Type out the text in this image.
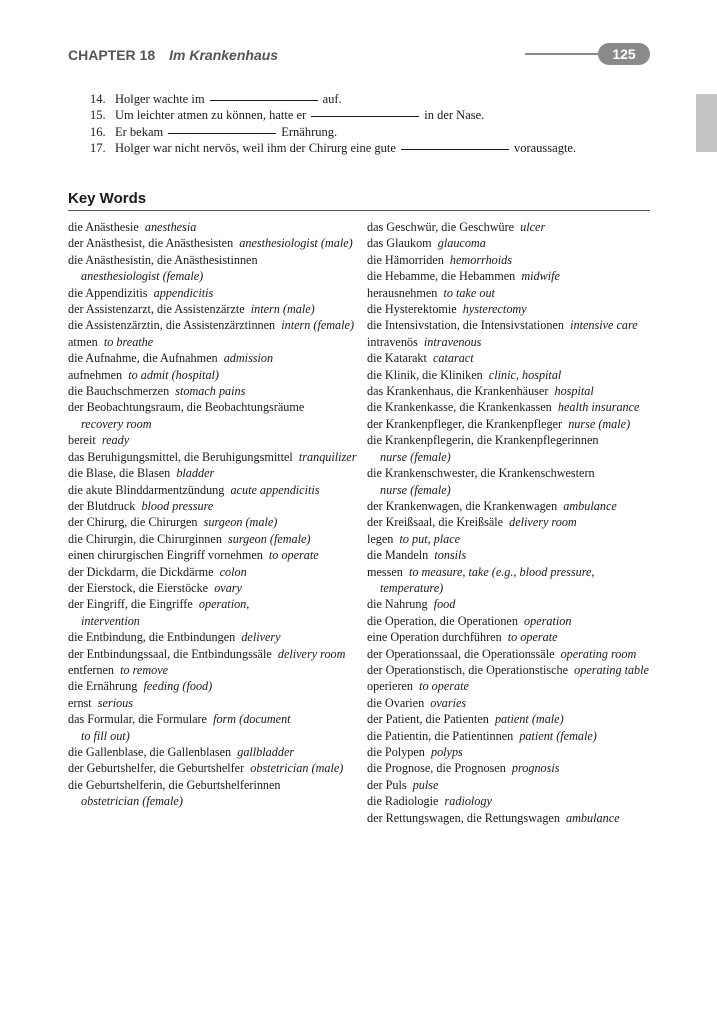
CHAPTER 18 Im Krankenhaus	125
14. Holger wachte im	auf.
15. Um leichter atmen zu können, hatte er	in der Nase.
16. Er bekam	Ernährung.
17. Holger war nicht nervös, weil ihm der Chirurg eine gute	voraussagte.
Key Words
die Anästhesie  anesthesia
der Anästhesist, die Anästhesisten  anesthesiologist (male)
die Anästhesistin, die Anästhesistinnen 
anesthesiologist (female)
die Appendizitis  appendicitis
der Assistenzarzt, die Assistenzärzte  intern (male)
die Assistenzärztin, die Assistenzärztinnen  intern (female)
atmen  to breathe
die Aufnahme, die Aufnahmen  admission
aufnehmen  to admit (hospital)
die Bauchschmerzen  stomach pains
der Beobachtungsraum, die Beobachtungsräume 
recovery room
bereit  ready
das Beruhigungsmittel, die Beruhigungsmittel  tranquilizer
die Blase, die Blasen  bladder
die akute Blinddarmentzündung  acute appendicitis
der Blutdruck  blood pressure
der Chirurg, die Chirurgen  surgeon (male)
die Chirurgin, die Chirurginnen  surgeon (female)
einen chirurgischen Eingriff vornehmen  to operate
der Dickdarm, die Dickdärme  colon
der Eierstock, die Eierstöcke  ovary
der Eingriff, die Eingriffe  operation,
intervention
die Entbindung, die Entbindungen  delivery
der Entbindungssaal, die Entbindungssäle  delivery room
entfernen  to remove
die Ernährung  feeding (food)
ernst  serious
das Formular, die Formulare  form (document
to fill out)
die Gallenblase, die Gallenblasen  gallbladder
der Geburtshelfer, die Geburtshelfer  obstetrician (male)
die Geburtshelferin, die Geburtshelferinnen 
obstetrician (female)
das Geschwür, die Geschwüre  ulcer
das Glaukom  glaucoma
die Hämorriden  hemorrhoids
die Hebamme, die Hebammen  midwife
herausnehmen  to take out
die Hysterektomie  hysterectomy
die Intensivstation, die Intensivstationen  intensive care
intravenös  intravenous
die Katarakt  cataract
die Klinik, die Kliniken  clinic, hospital
das Krankenhaus, die Krankenhäuser  hospital
die Krankenkasse, die Krankenkassen  health insurance
der Krankenpfleger, die Krankenpfleger  nurse (male)
die Krankenpflegerin, die Krankenpflegerinnen 
nurse (female)
die Krankenschwester, die Krankenschwestern 
nurse (female)
der Krankenwagen, die Krankenwagen  ambulance
der Kreißsaal, die Kreißsäle  delivery room
legen  to put, place
die Mandeln  tonsils
messen  to measure, take (e.g., blood pressure,
temperature)
die Nahrung  food
die Operation, die Operationen  operation
eine Operation durchführen  to operate
der Operationssaal, die Operationssäle  operating room
der Operationstisch, die Operationstische  operating table
operieren  to operate
die Ovarien  ovaries
der Patient, die Patienten  patient (male)
die Patientin, die Patientinnen  patient (female)
die Polypen  polyps
die Prognose, die Prognosen  prognosis
der Puls  pulse
die Radiologie  radiology
der Rettungswagen, die Rettungswagen  ambulance
